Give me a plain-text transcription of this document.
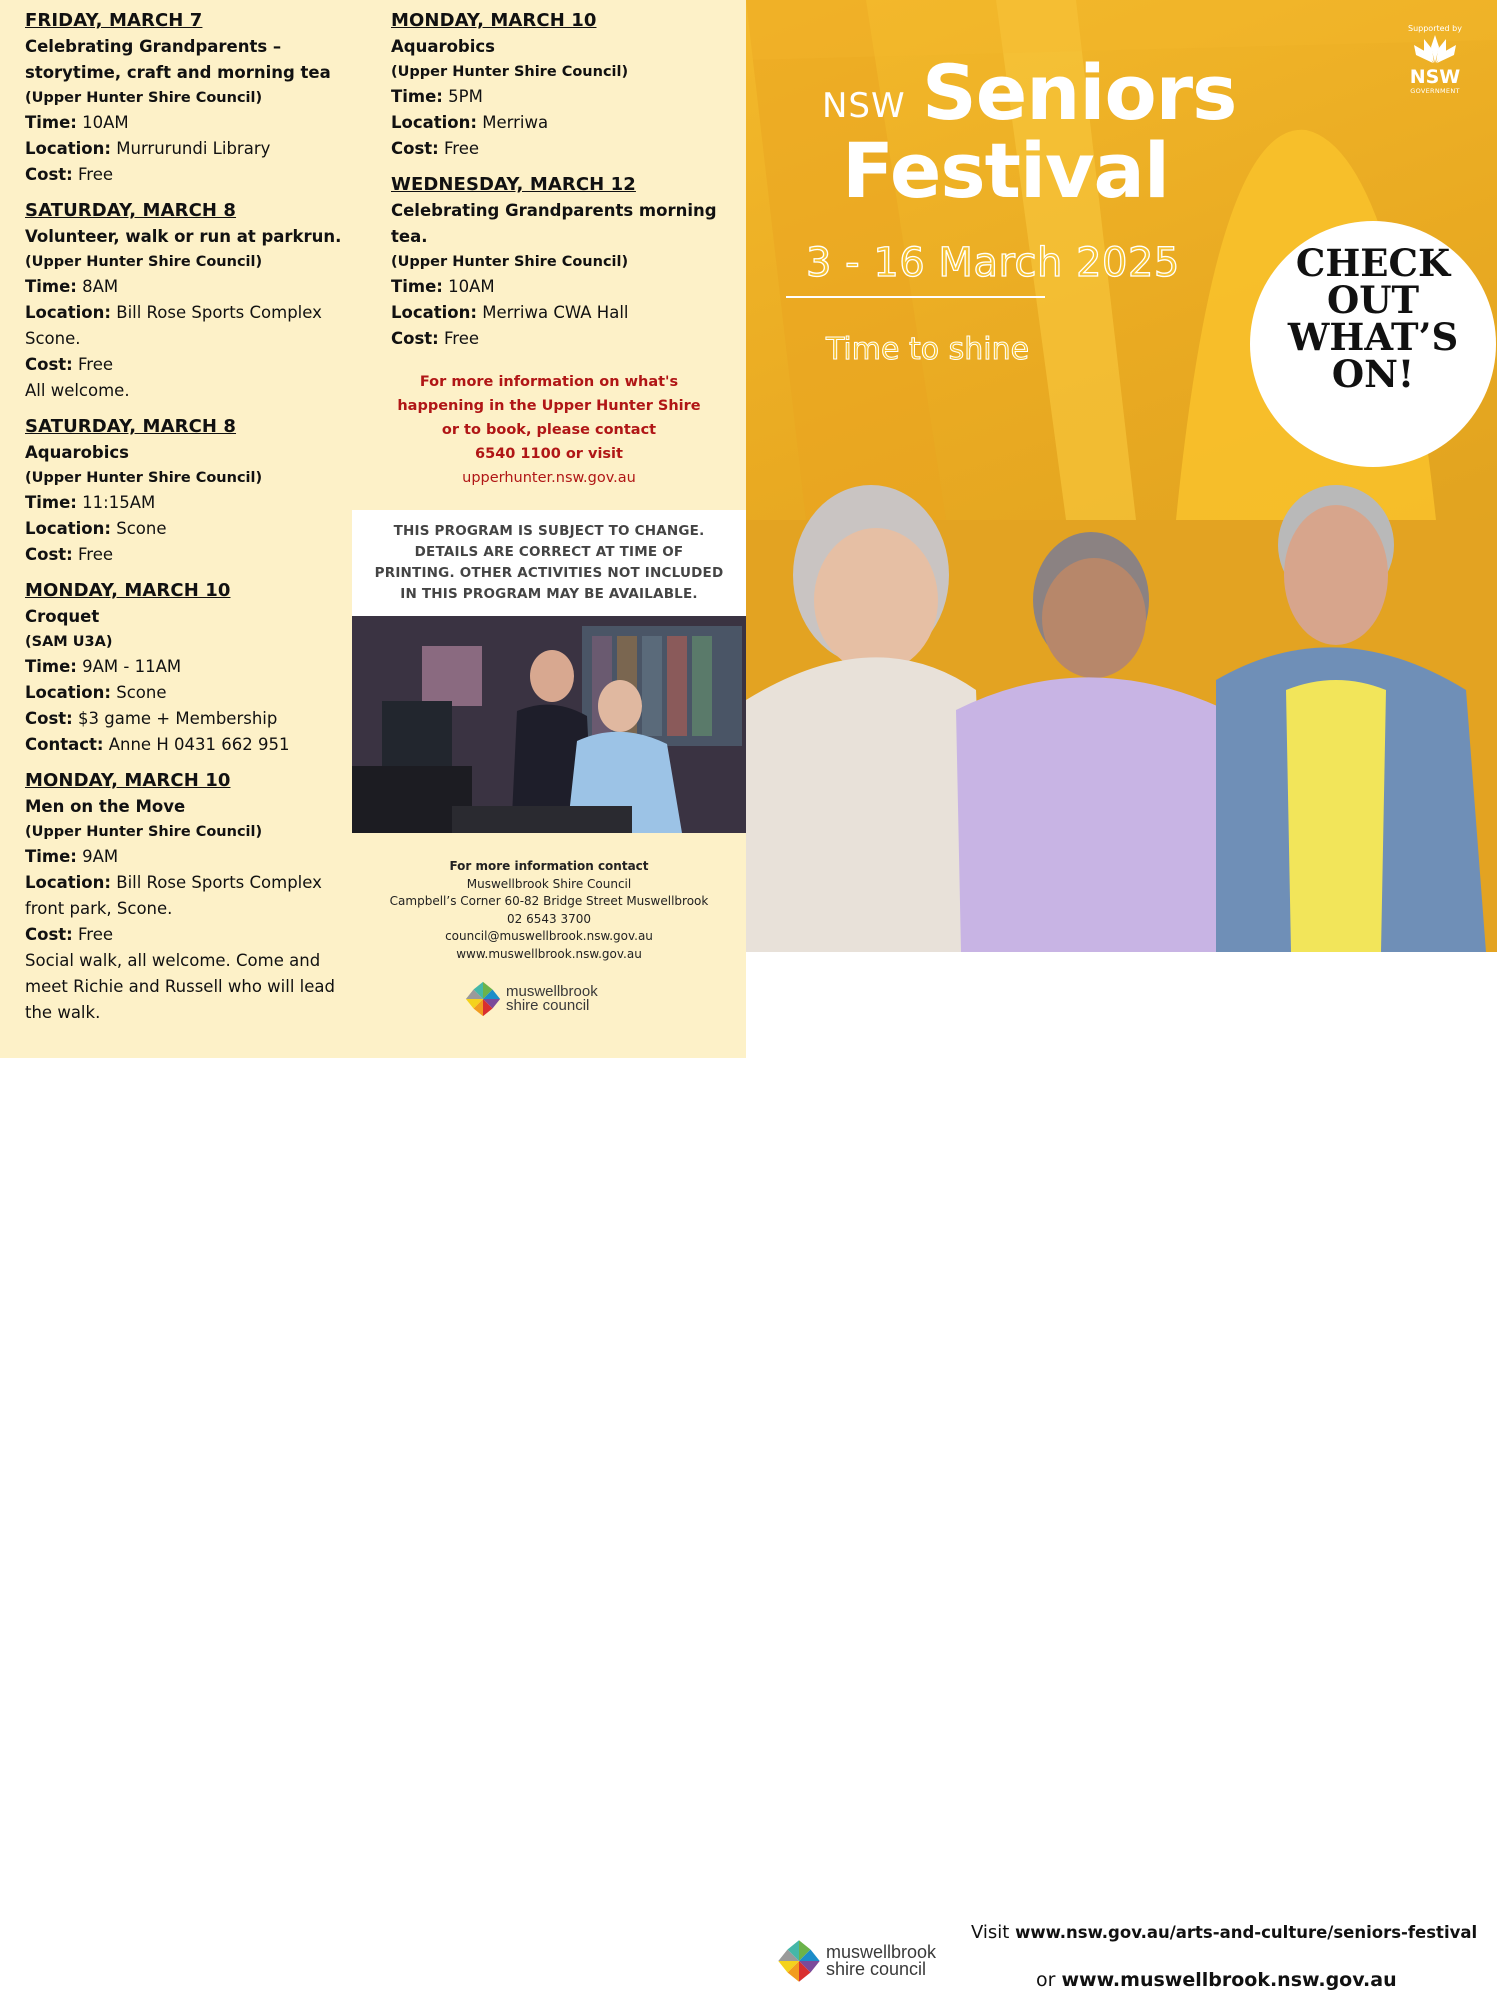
FRIDAY, MARCH 7
Celebrating Grandparents – storytime, craft and morning tea
(Upper Hunter Shire Council)
Time: 10AM
Location: Murrurundi Library
Cost: Free
SATURDAY, MARCH 8
Volunteer, walk or run at parkrun.
(Upper Hunter Shire Council)
Time: 8AM
Location: Bill Rose Sports Complex Scone.
Cost: Free
All welcome.
SATURDAY, MARCH 8
Aquarobics
(Upper Hunter Shire Council)
Time: 11:15AM
Location: Scone
Cost: Free
MONDAY, MARCH 10
Croquet
(SAM U3A)
Time: 9AM - 11AM
Location: Scone
Cost: $3 game + Membership
Contact: Anne H 0431 662 951
MONDAY, MARCH 10
Men on the Move
(Upper Hunter Shire Council)
Time: 9AM
Location: Bill Rose Sports Complex front park, Scone.
Cost: Free
Social walk, all welcome. Come and meet Richie and Russell who will lead the walk.
MONDAY, MARCH 10
Aquarobics
(Upper Hunter Shire Council)
Time: 5PM
Location: Merriwa
Cost: Free
WEDNESDAY, MARCH 12
Celebrating Grandparents morning tea.
(Upper Hunter Shire Council)
Time: 10AM
Location: Merriwa CWA Hall
Cost: Free
For more information on what's
happening in the Upper Hunter Shire
or to book, please contact
6540 1100 or visit
upperhunter.nsw.gov.au
THIS PROGRAM IS SUBJECT TO CHANGE.
DETAILS ARE CORRECT AT TIME OF
PRINTING. OTHER ACTIVITIES NOT INCLUDED
IN THIS PROGRAM MAY BE AVAILABLE.
For more information contact
Muswellbrook Shire Council
Campbell’s Corner 60-82 Bridge Street Muswellbrook
02 6543 3700
council@muswellbrook.nsw.gov.au
www.muswellbrook.nsw.gov.au
muswellbrook
shire council
NSW Seniors
Festival
3 - 16 March 2025
Time to shine
Supported by
NSW
GOVERNMENT
CHECK
OUT
WHAT’S
ON!
muswellbrook
shire council
Visit www.nsw.gov.au/arts-and-culture/seniors-festival
or www.muswellbrook.nsw.gov.au
